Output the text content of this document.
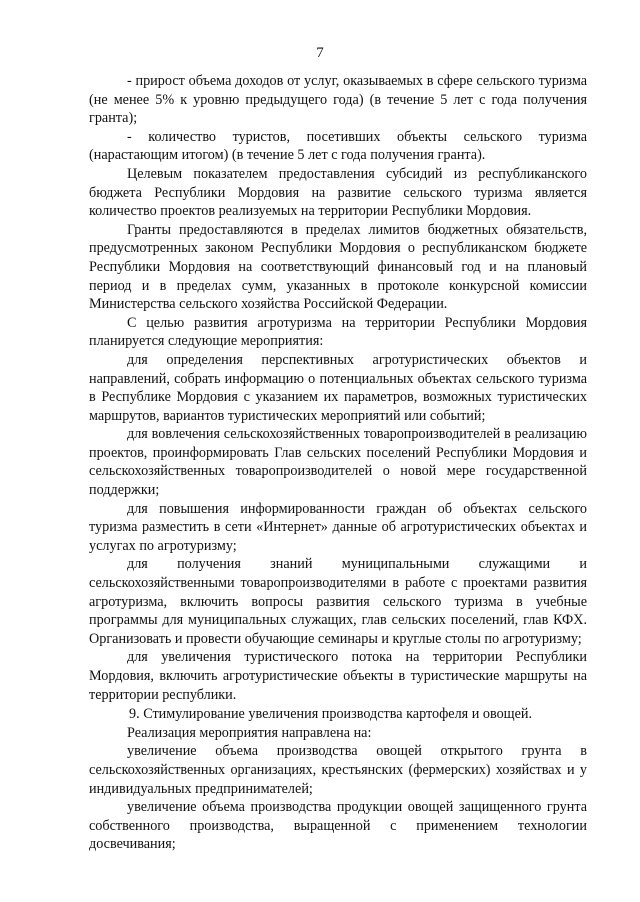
7

- прирост объема доходов от услуг, оказываемых в сфере сельского туризма (не менее 5% к уровню предыдущего года) (в течение 5 лет с года получения гранта);

- количество туристов, посетивших объекты сельского туризма (нарастающим итогом) (в течение 5 лет с года получения гранта).

Целевым показателем предоставления субсидий из республиканского бюджета Республики Мордовия на развитие сельского туризма является количество проектов реализуемых на территории Республики Мордовия.

Гранты предоставляются в пределах лимитов бюджетных обязательств, предусмотренных законом Республики Мордовия о республиканском бюджете Республики Мордовия на соответствующий финансовый год и на плановый период и в пределах сумм, указанных в протоколе конкурсной комиссии Министерства сельского хозяйства Российской Федерации.

С целью развития агротуризма на территории Республики Мордовия планируется следующие мероприятия:

для определения перспективных агротуристических объектов и направлений, собрать информацию о потенциальных объектах сельского туризма в Республике Мордовия с указанием их параметров, возможных туристических маршрутов, вариантов туристических мероприятий или событий;

для вовлечения сельскохозяйственных товаропроизводителей в реализацию проектов, проинформировать Глав сельских поселений Республики Мордовия и сельскохозяйственных товаропроизводителей о новой мере государственной поддержки;

для повышения информированности граждан об объектах сельского туризма разместить в сети «Интернет» данные об агротуристических объектах и услугах по агротуризму;

для получения знаний муниципальными служащими и сельскохозяйственными товаропроизводителями в работе с проектами развития агротуризма, включить вопросы развития сельского туризма в учебные программы для муниципальных служащих, глав сельских поселений, глав КФХ. Организовать и провести обучающие семинары и круглые столы по агротуризму;

для увеличения туристического потока на территории Республики Мордовия, включить агротуристические объекты в туристические маршруты на территории республики.

9. Стимулирование увеличения производства картофеля и овощей.

Реализация мероприятия направлена на:

увеличение объема производства овощей открытого грунта в сельскохозяйственных организациях, крестьянских (фермерских) хозяйствах и у индивидуальных предпринимателей;

увеличение объема производства продукции овощей защищенного грунта собственного производства, выращенной с применением технологии досвечивания;
